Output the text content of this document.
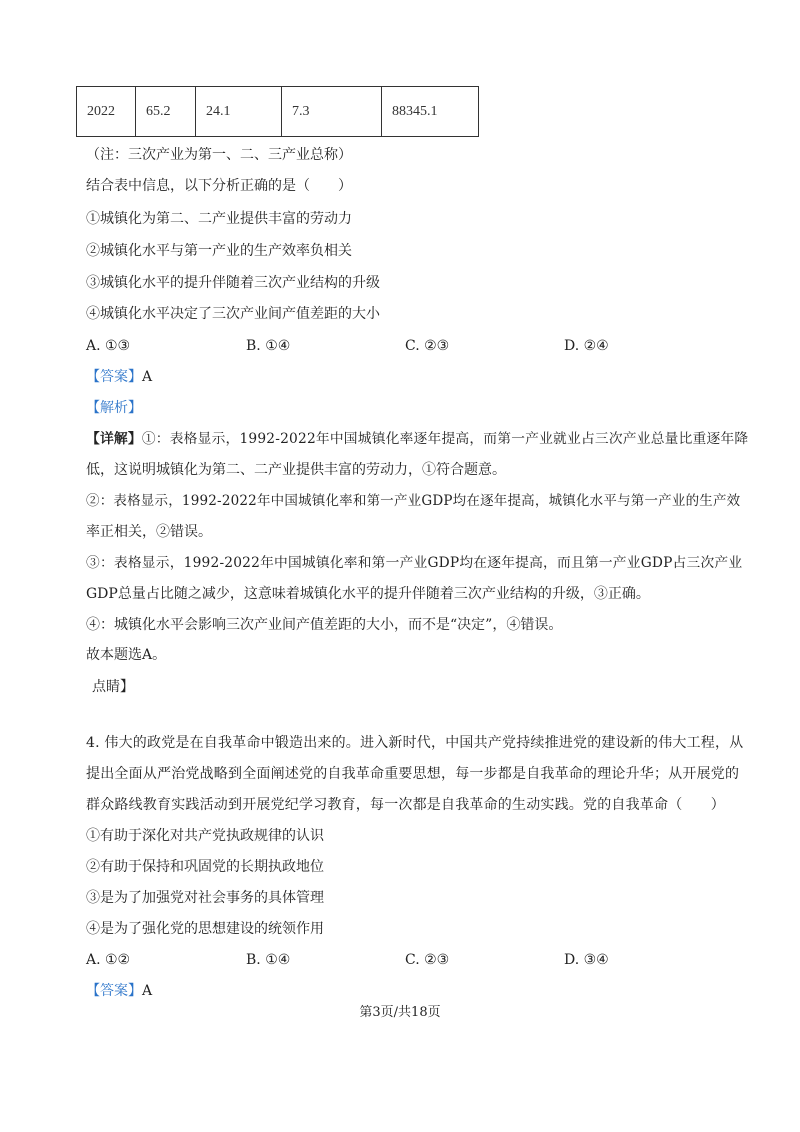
2022	65.2	24.1	7.3	88345.1
（注：三次产业为第一、二、三产业总称）
结合表中信息，以下分析正确的是（　　）
①城镇化为第二、二产业提供丰富的劳动力
②城镇化水平与第一产业的生产效率负相关
③城镇化水平的提升伴随着三次产业结构的升级
④城镇化水平决定了三次产业间产值差距的大小
A. ①③	B. ①④	C. ②③	D. ②④
【答案】A
【解析】
【详解】①：表格显示，1992-2022年中国城镇化率逐年提高，而第一产业就业占三次产业总量比重逐年降
低，这说明城镇化为第二、二产业提供丰富的劳动力，①符合题意。
②：表格显示，1992-2022年中国城镇化率和第一产业GDP均在逐年提高，城镇化水平与第一产业的生产效
率正相关，②错误。
③：表格显示，1992-2022年中国城镇化率和第一产业GDP均在逐年提高，而且第一产业GDP占三次产业
GDP总量占比随之减少，这意味着城镇化水平的提升伴随着三次产业结构的升级，③正确。
④：城镇化水平会影响三次产业间产值差距的大小，而不是“决定”，④错误。
故本题选A。
点睛】
4. 伟大的政党是在自我革命中锻造出来的。进入新时代，中国共产党持续推进党的建设新的伟大工程，从
提出全面从严治党战略到全面阐述党的自我革命重要思想，每一步都是自我革命的理论升华；从开展党的
群众路线教育实践活动到开展党纪学习教育，每一次都是自我革命的生动实践。党的自我革命（　　）
①有助于深化对共产党执政规律的认识
②有助于保持和巩固党的长期执政地位
③是为了加强党对社会事务的具体管理
④是为了强化党的思想建设的统领作用
A. ①②	B. ①④	C. ②③	D. ③④
【答案】A
第3页/共18页
